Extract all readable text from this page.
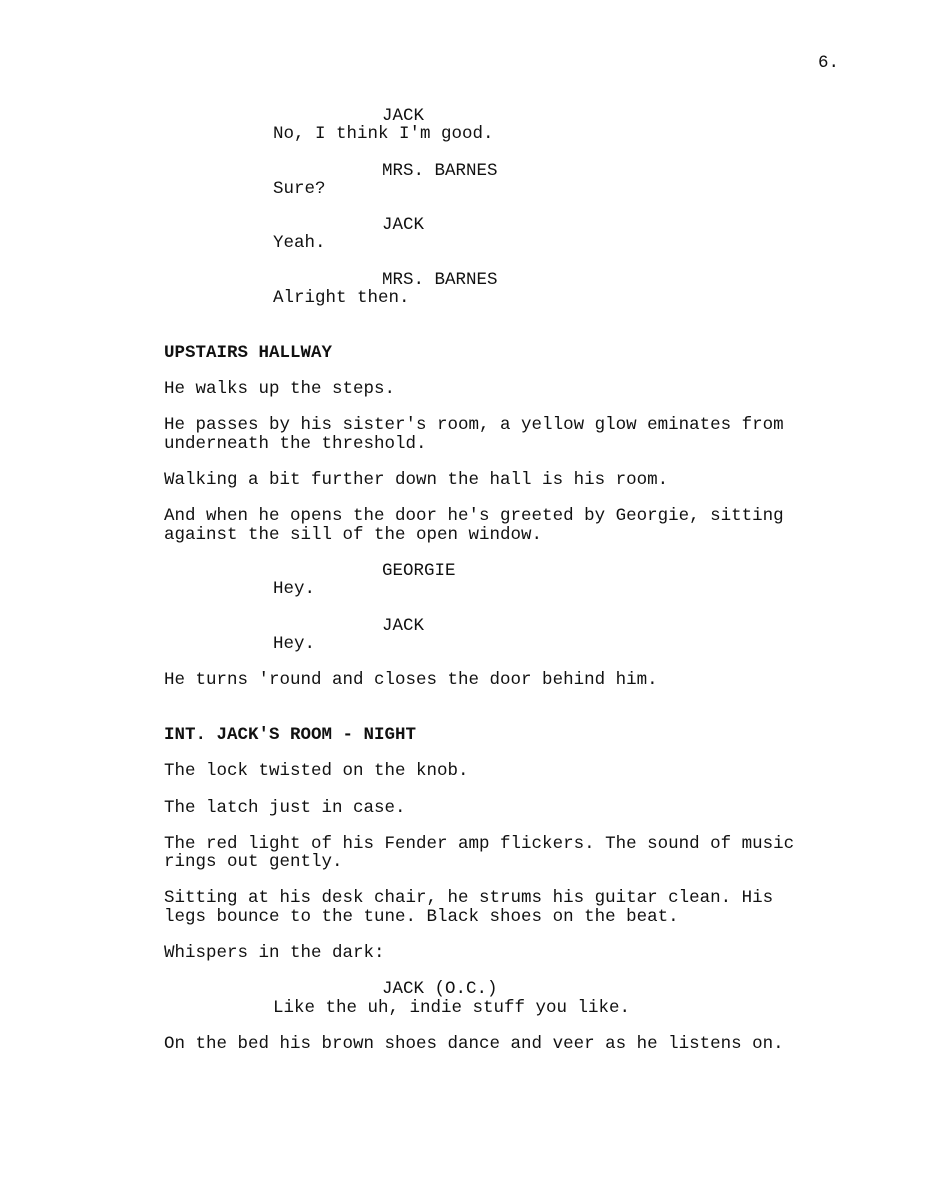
6.
JACK
No, I think I'm good.
MRS. BARNES
Sure?
JACK
Yeah.
MRS. BARNES
Alright then.
UPSTAIRS HALLWAY
He walks up the steps.
He passes by his sister's room, a yellow glow eminates from
underneath the threshold.
Walking a bit further down the hall is his room.
And when he opens the door he's greeted by Georgie, sitting
against the sill of the open window.
GEORGIE
Hey.
JACK
Hey.
He turns 'round and closes the door behind him.
INT. JACK'S ROOM - NIGHT
The lock twisted on the knob.
The latch just in case.
The red light of his Fender amp flickers. The sound of music
rings out gently.
Sitting at his desk chair, he strums his guitar clean. His
legs bounce to the tune. Black shoes on the beat.
Whispers in the dark:
JACK (O.C.)
Like the uh, indie stuff you like.
On the bed his brown shoes dance and veer as he listens on.
